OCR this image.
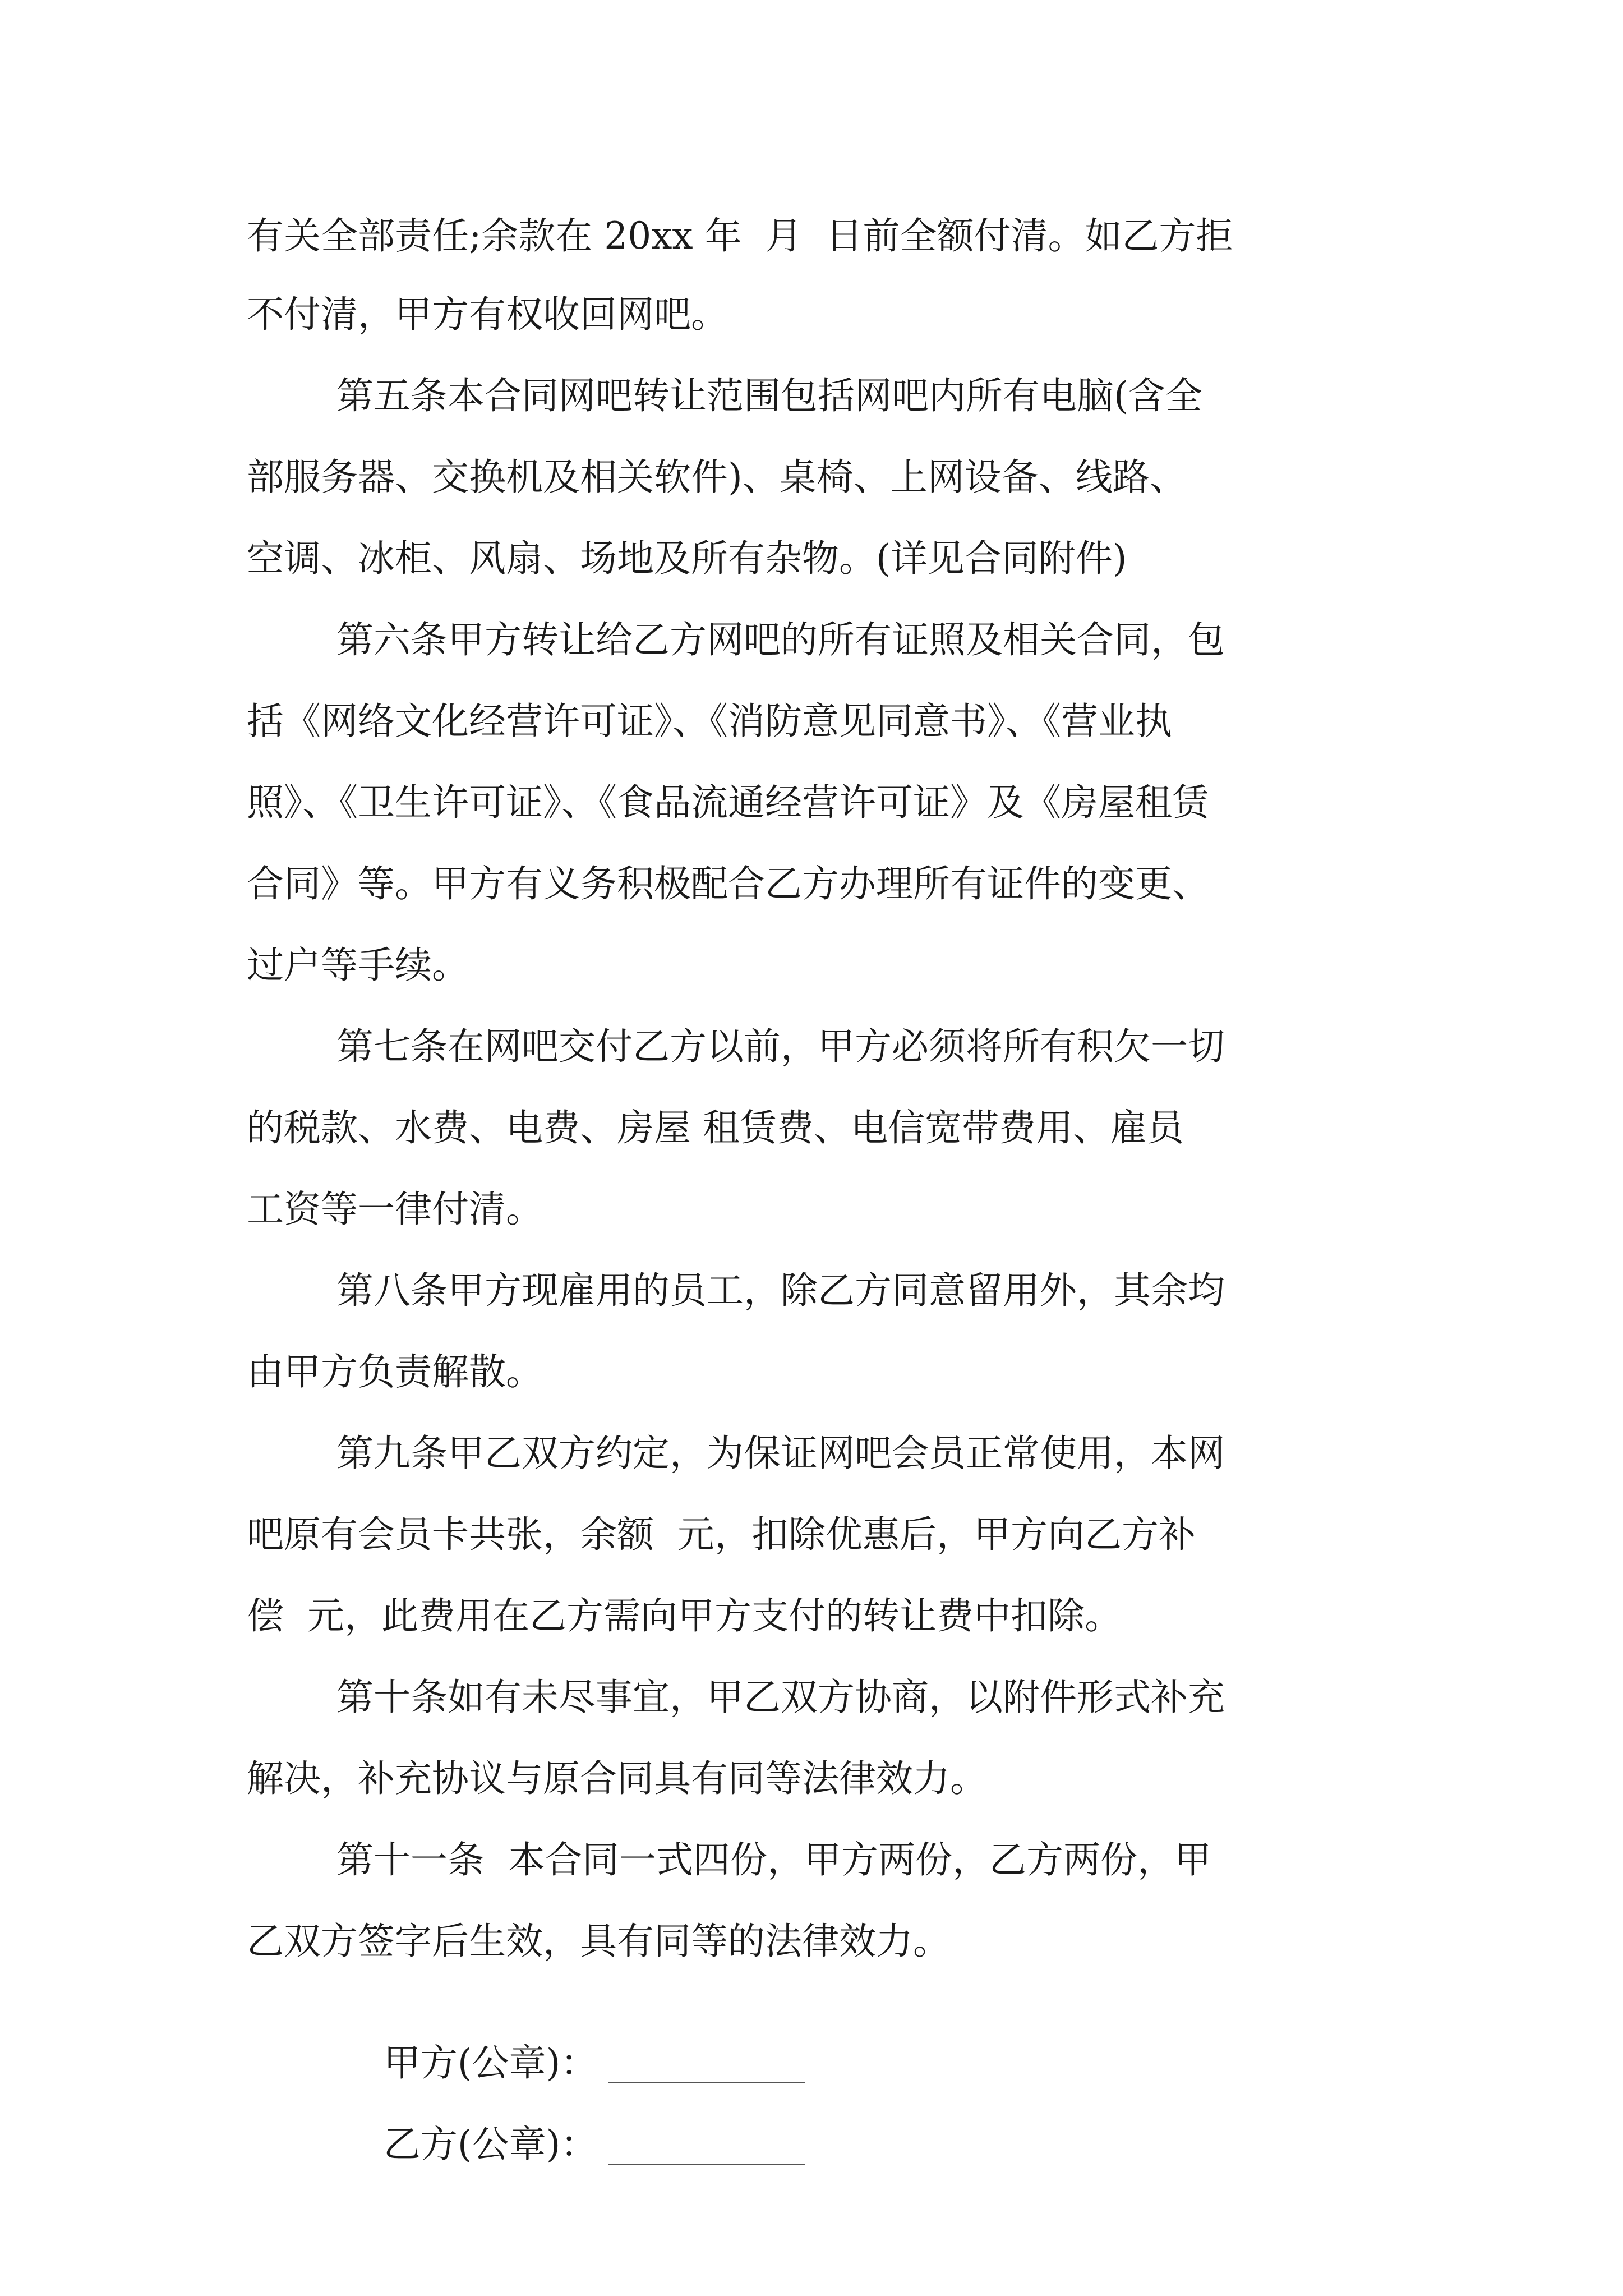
有关全部责任;余款在 20xx 年  月  日前全额付清。如乙方拒

不付清，甲方有权收回网吧。

第五条本合同网吧转让范围包括网吧内所有电脑(含全

部服务器、交换机及相关软件)、桌椅、上网设备、线路、

空调、冰柜、风扇、场地及所有杂物。(详见合同附件)

第六条甲方转让给乙方网吧的所有证照及相关合同，包

括《网络文化经营许可证》、《消防意见同意书》、《营业执

照》、《卫生许可证》、《食品流通经营许可证》及《房屋租赁

合同》等。甲方有义务积极配合乙方办理所有证件的变更、

过户等手续。

第七条在网吧交付乙方以前，甲方必须将所有积欠一切

的税款、水费、电费、房屋 租赁费、电信宽带费用、雇员

工资等一律付清。

第八条甲方现雇用的员工，除乙方同意留用外，其余均

由甲方负责解散。

第九条甲乙双方约定，为保证网吧会员正常使用，本网

吧原有会员卡共张，余额  元，扣除优惠后，甲方向乙方补

偿  元，此费用在乙方需向甲方支付的转让费中扣除。

第十条如有未尽事宜，甲乙双方协商，以附件形式补充

解决，补充协议与原合同具有同等法律效力。

第十一条  本合同一式四份，甲方两份，乙方两份，甲

乙双方签字后生效，具有同等的法律效力。

甲方(公章)：

乙方(公章)：
